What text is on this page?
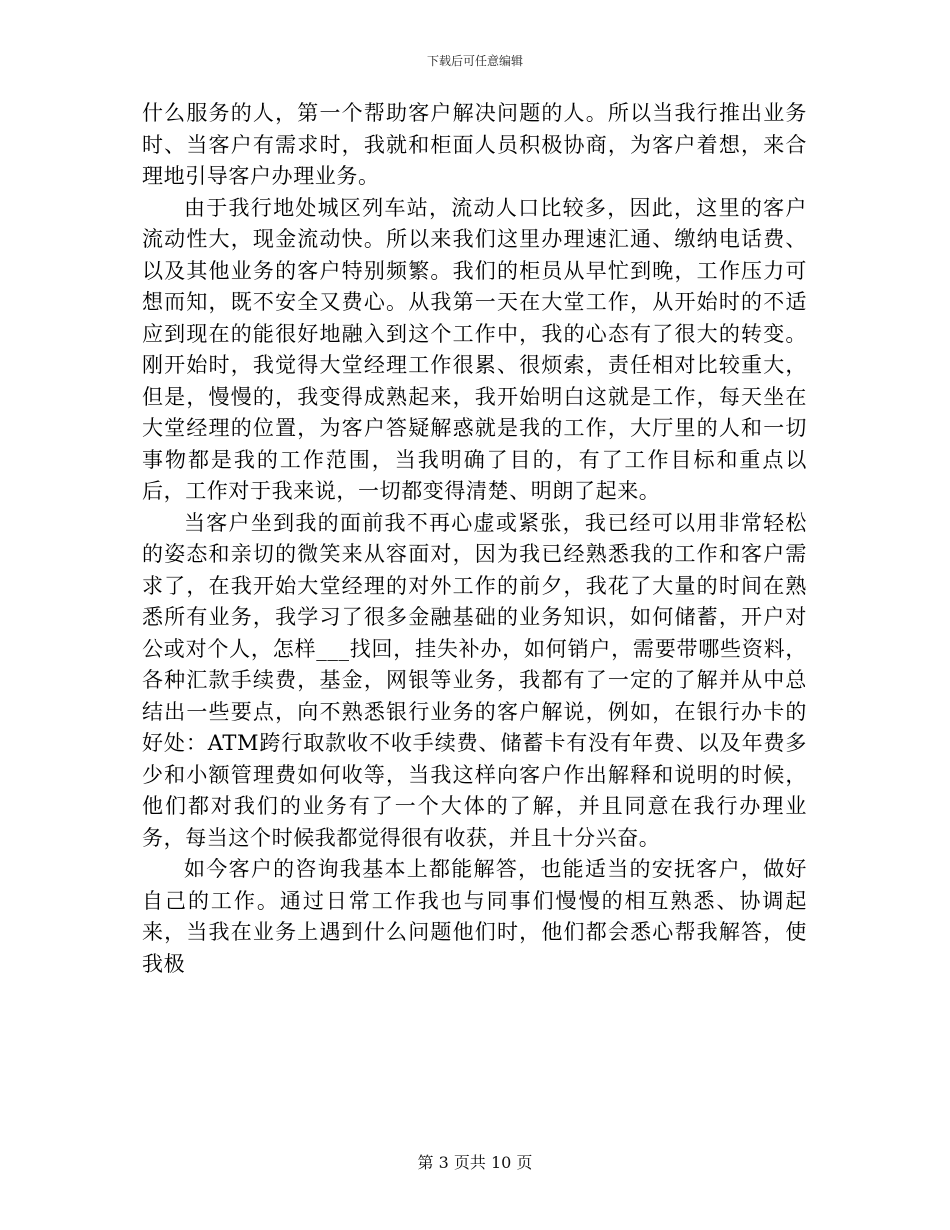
下载后可任意编辑

什么服务的人，第一个帮助客户解决问题的人。所以当我行推出业务时、当客户有需求时，我就和柜面人员积极协商，为客户着想，来合理地引导客户办理业务。

由于我行地处城区列车站，流动人口比较多，因此，这里的客户流动性大，现金流动快。所以来我们这里办理速汇通、缴纳电话费、以及其他业务的客户特别频繁。我们的柜员从早忙到晚，工作压力可想而知，既不安全又费心。从我第一天在大堂工作，从开始时的不适应到现在的能很好地融入到这个工作中，我的心态有了很大的转变。刚开始时，我觉得大堂经理工作很累、很烦索，责任相对比较重大，但是，慢慢的，我变得成熟起来，我开始明白这就是工作，每天坐在大堂经理的位置，为客户答疑解惑就是我的工作，大厅里的人和一切事物都是我的工作范围，当我明确了目的，有了工作目标和重点以后，工作对于我来说，一切都变得清楚、明朗了起来。

当客户坐到我的面前我不再心虚或紧张，我已经可以用非常轻松的姿态和亲切的微笑来从容面对，因为我已经熟悉我的工作和客户需求了，在我开始大堂经理的对外工作的前夕，我花了大量的时间在熟悉所有业务，我学习了很多金融基础的业务知识，如何储蓄，开户对公或对个人，怎样___找回，挂失补办，如何销户，需要带哪些资料，各种汇款手续费，基金，网银等业务，我都有了一定的了解并从中总结出一些要点，向不熟悉银行业务的客户解说，例如，在银行办卡的好处：ATM跨行取款收不收手续费、储蓄卡有没有年费、以及年费多少和小额管理费如何收等，当我这样向客户作出解释和说明的时候，他们都对我们的业务有了一个大体的了解，并且同意在我行办理业务，每当这个时候我都觉得很有收获，并且十分兴奋。

如今客户的咨询我基本上都能解答，也能适当的安抚客户，做好自己的工作。通过日常工作我也与同事们慢慢的相互熟悉、协调起来，当我在业务上遇到什么问题他们时，他们都会悉心帮我解答，使我极

第 3 页共 10 页
